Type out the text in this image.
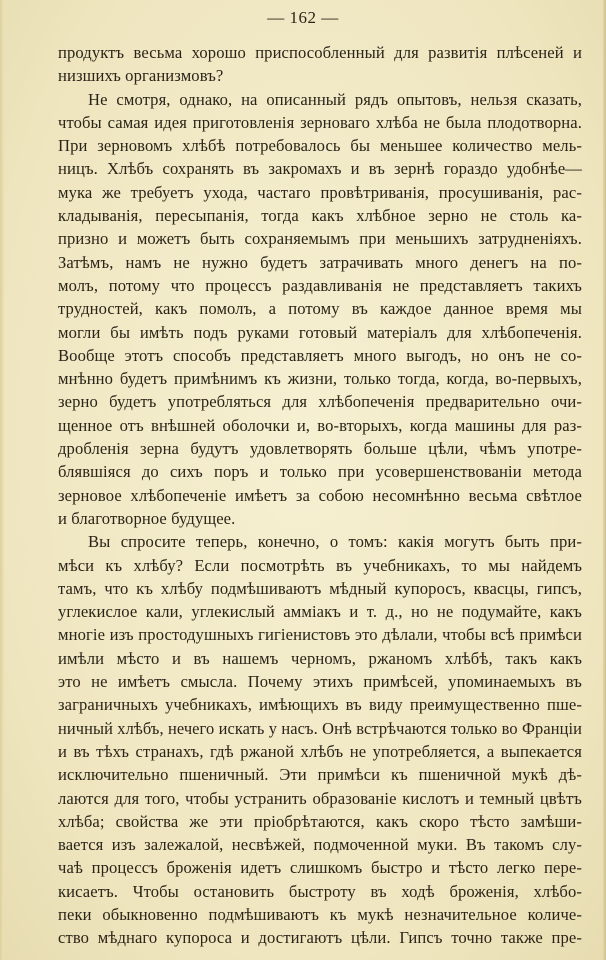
— 162 —
продуктъ весьма хорошо приспособленный для развитія плѣсеней и
низшихъ организмовъ?
Не смотря, однако, на описанный рядъ опытовъ, нельзя сказать,
чтобы самая идея приготовленія зерноваго хлѣба не была плодотворна.
При зерновомъ хлѣбѣ потребовалось бы меньшее количество мель-
ницъ. Хлѣбъ сохранять въ закромахъ и въ зернѣ гораздо удобнѣе—
мука же требуетъ ухода, частаго провѣтриванія, просушиванія, рас-
кладыванія, пересыпанія, тогда какъ хлѣбное зерно не столь ка-
призно и можетъ быть сохраняемымъ при меньшихъ затрудненіяхъ.
Затѣмъ, намъ не нужно будетъ затрачивать много денегъ на по-
молъ, потому что процессъ раздавливанія не представляетъ такихъ
трудностей, какъ помолъ, а потому въ каждое данное время мы
могли бы имѣть подъ руками готовый матеріалъ для хлѣбопеченія.
Вообще этотъ способъ представляетъ много выгодъ, но онъ не со-
мнѣнно будетъ примѣнимъ къ жизни, только тогда, когда, во-первыхъ,
зерно будетъ употребляться для хлѣбопеченія предварительно очи-
щенное отъ внѣшней оболочки и, во-вторыхъ, когда машины для раз-
дробленія зерна будутъ удовлетворять больше цѣли, чѣмъ употре-
блявшіяся до сихъ поръ и только при усовершенствованіи метода
зерновое хлѣбопеченіе имѣетъ за собою несомнѣнно весьма свѣтлое
и благотворное будущее.
Вы спросите теперь, конечно, о томъ: какія могутъ быть при-
мѣси къ хлѣбу? Если посмотрѣть въ учебникахъ, то мы найдемъ
тамъ, что къ хлѣбу подмѣшиваютъ мѣдный купоросъ, квасцы, гипсъ,
углекислое кали, углекислый аммiакъ и т. д., но не подумайте, какъ
многіе изъ простодушныхъ гигіенистовъ это дѣлали, чтобы всѣ примѣси
имѣли мѣсто и въ нашемъ черномъ, ржаномъ хлѣбѣ, такъ какъ
это не имѣетъ смысла. Почему этихъ примѣсей, упоминаемыхъ въ
заграничныхъ учебникахъ, имѣющихъ въ виду преимущественно пше-
ничный хлѣбъ, нечего искать у насъ. Онѣ встрѣчаются только во Франціи
и въ тѣхъ странахъ, гдѣ ржаной хлѣбъ не употребляется, а выпекается
исключительно пшеничный. Эти примѣси къ пшеничной мукѣ дѣ-
лаются для того, чтобы устранить образованіе кислотъ и темный цвѣтъ
хлѣба; свойства же эти пріобрѣтаются, какъ скоро тѣсто замѣши-
вается изъ залежалой, несвѣжей, подмоченной муки. Въ такомъ слу-
чаѣ процессъ броженія идетъ слишкомъ быстро и тѣсто легко пере-
кисаетъ. Чтобы остановить быстроту въ ходѣ броженія, хлѣбо-
пеки обыкновенно подмѣшиваютъ къ мукѣ незначительное количе-
ство мѣднаго купороса и достигаютъ цѣли. Гипсъ точно также пре-
